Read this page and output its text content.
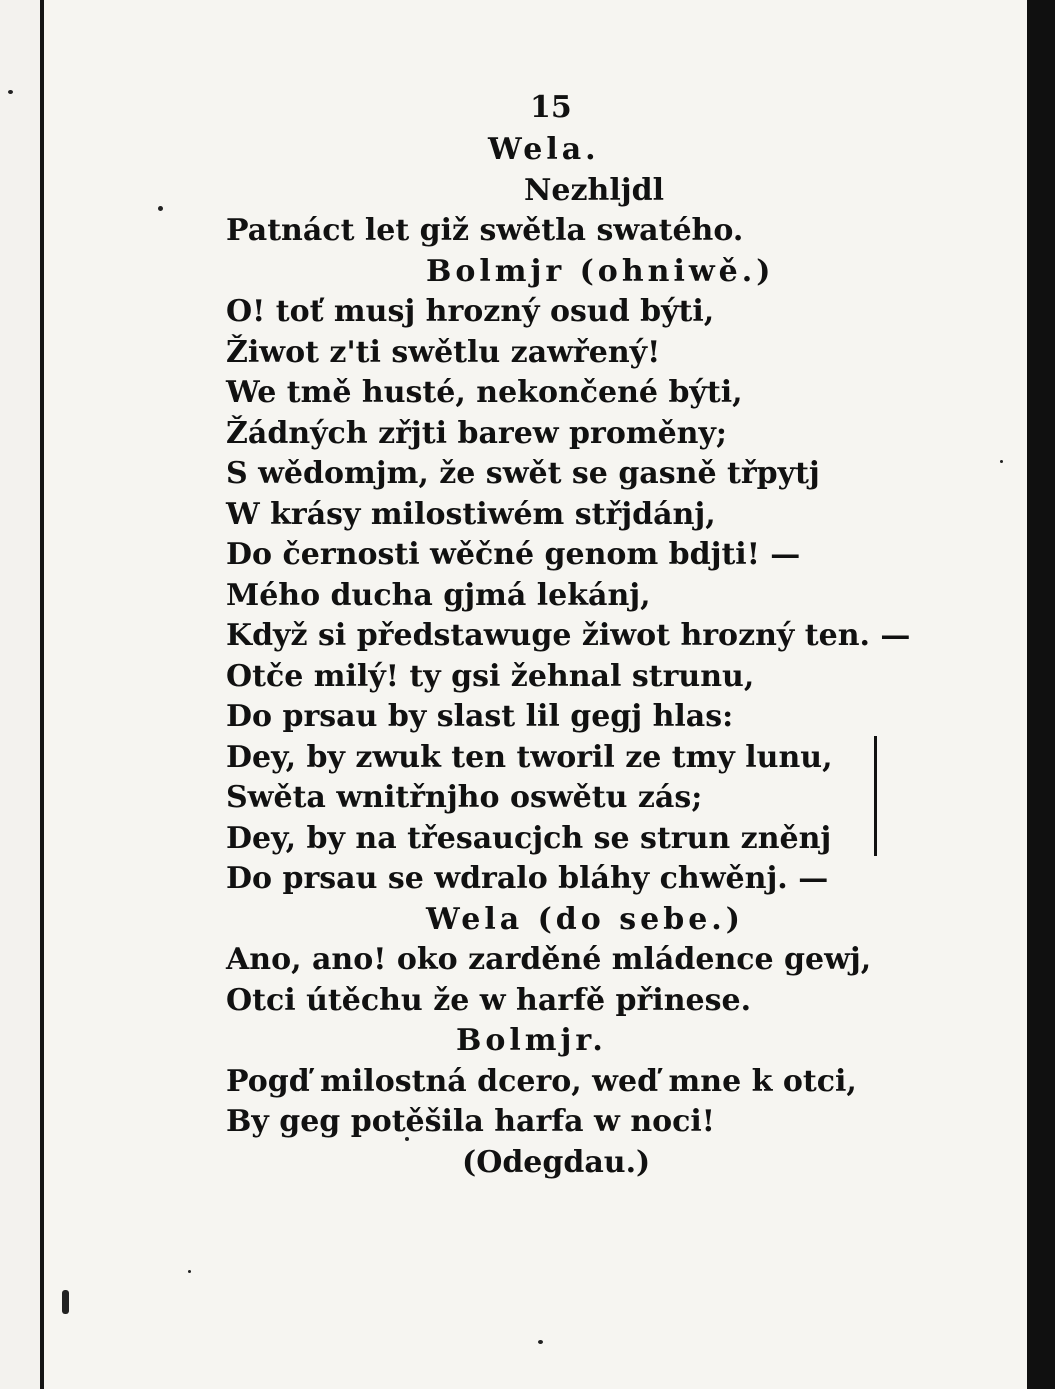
15
Wela.
Nezhljdl
Patnáct let giž swětla swatého.
Bolmjr (ohniwě.)
O! toť musj hrozný osud býti,
Žiwot z'ti swětlu zawřený!
We tmě husté, nekončené býti,
Žádných zřjti barew proměny;
S wědomjm, že swět se gasně třpytj
W krásy milostiwém střjdánj,
Do černosti wěčné genom bdjti! —
Mého ducha gjmá lekánj,
Když si předstawuge žiwot hrozný ten. —
Otče milý! ty gsi žehnal strunu,
Do prsau by slast lil gegj hlas:
Dey, by zwuk ten tworil ze tmy lunu,
Swěta wnitřnjho oswětu zás;
Dey, by na třesaucjch se strun zněnj
Do prsau se wdralo bláhy chwěnj. —
Wela (do sebe.)
Ano, ano! oko zarděné mládence gewj,
Otci útěchu že w harfě přinese.
Bolmjr.
Pogď milostná dcero, weď mne k otci,
By geg potěšila harfa w noci!
(Odegdau.)
